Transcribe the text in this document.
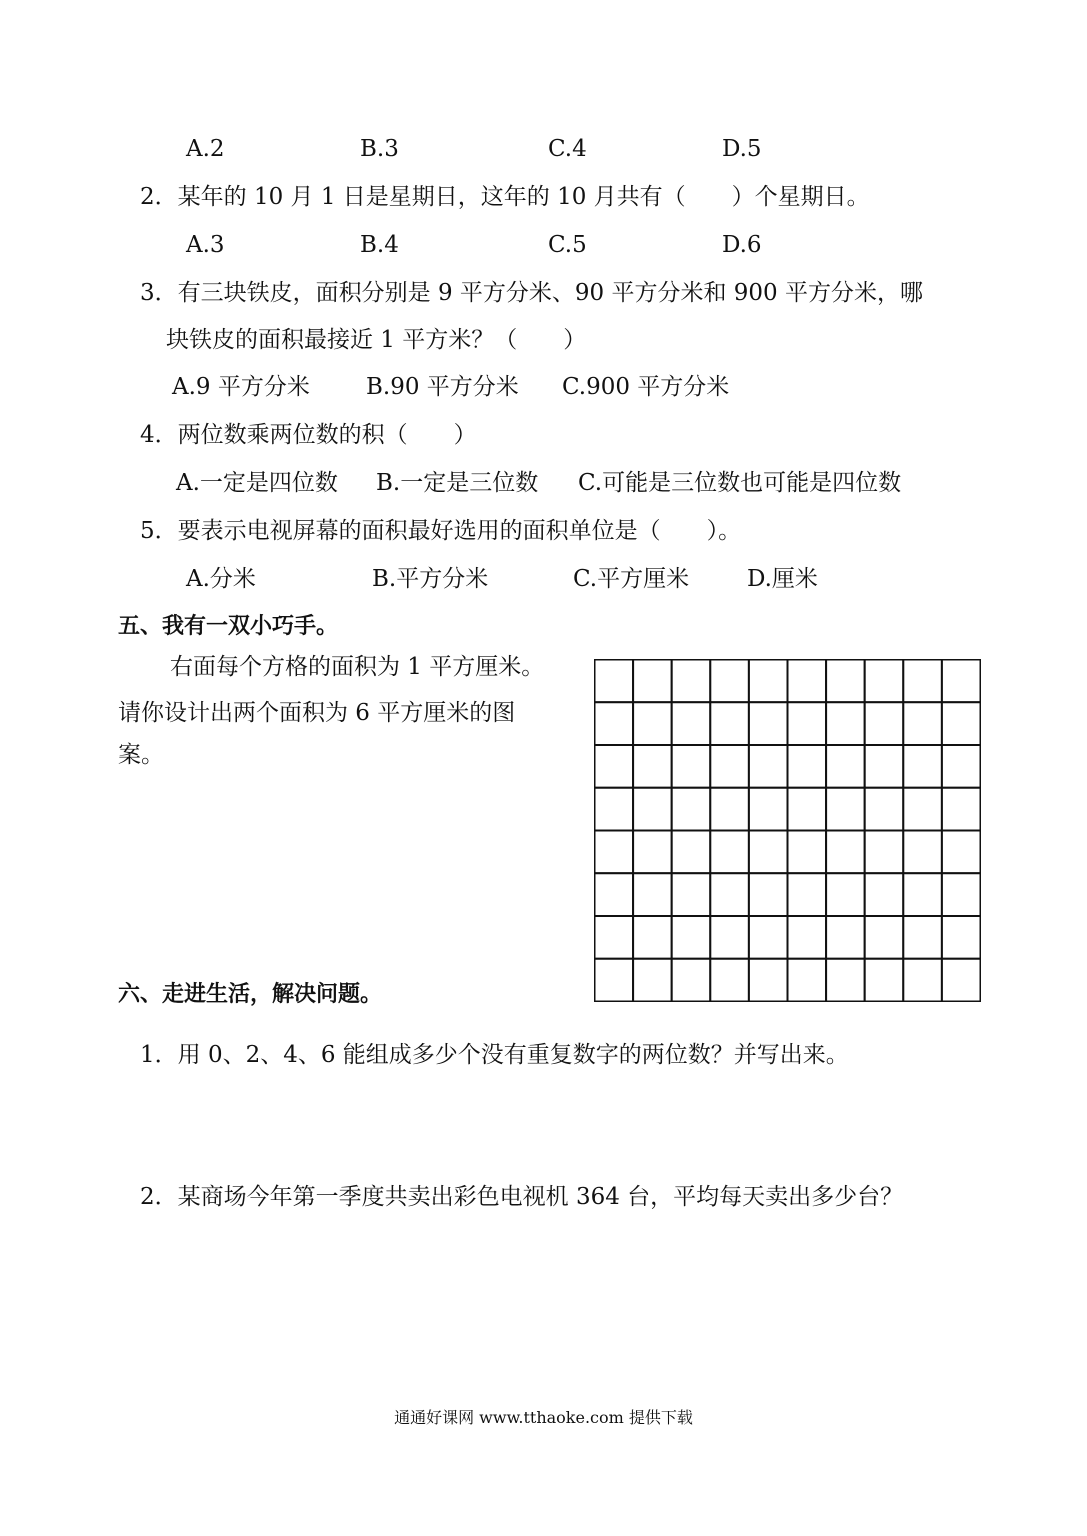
A.2	B.3	C.4	D.5
2．某年的 10 月 1 日是星期日，这年的 10 月共有（　　）个星期日。
A.3	B.4	C.5	D.6
3．有三块铁皮，面积分别是 9 平方分米、90 平方分米和 900 平方分米，哪
块铁皮的面积最接近 1 平方米？（　　）
A.9 平方分米 B.90 平方分米 C.900 平方分米
4．两位数乘两位数的积（　　）
A.一定是四位数 B.一定是三位数 C.可能是三位数也可能是四位数
5．要表示电视屏幕的面积最好选用的面积单位是（　　）。
A.分米	B.平方分米	C.平方厘米	D.厘米
五、我有一双小巧手。
右面每个方格的面积为 1 平方厘米。
请你设计出两个面积为 6 平方厘米的图
案。
六、走进生活，解决问题。
1．用 0、2、4、6 能组成多少个没有重复数字的两位数？并写出来。
2．某商场今年第一季度共卖出彩色电视机 364 台，平均每天卖出多少台？
通通好课网 www.tthaoke.com 提供下载
